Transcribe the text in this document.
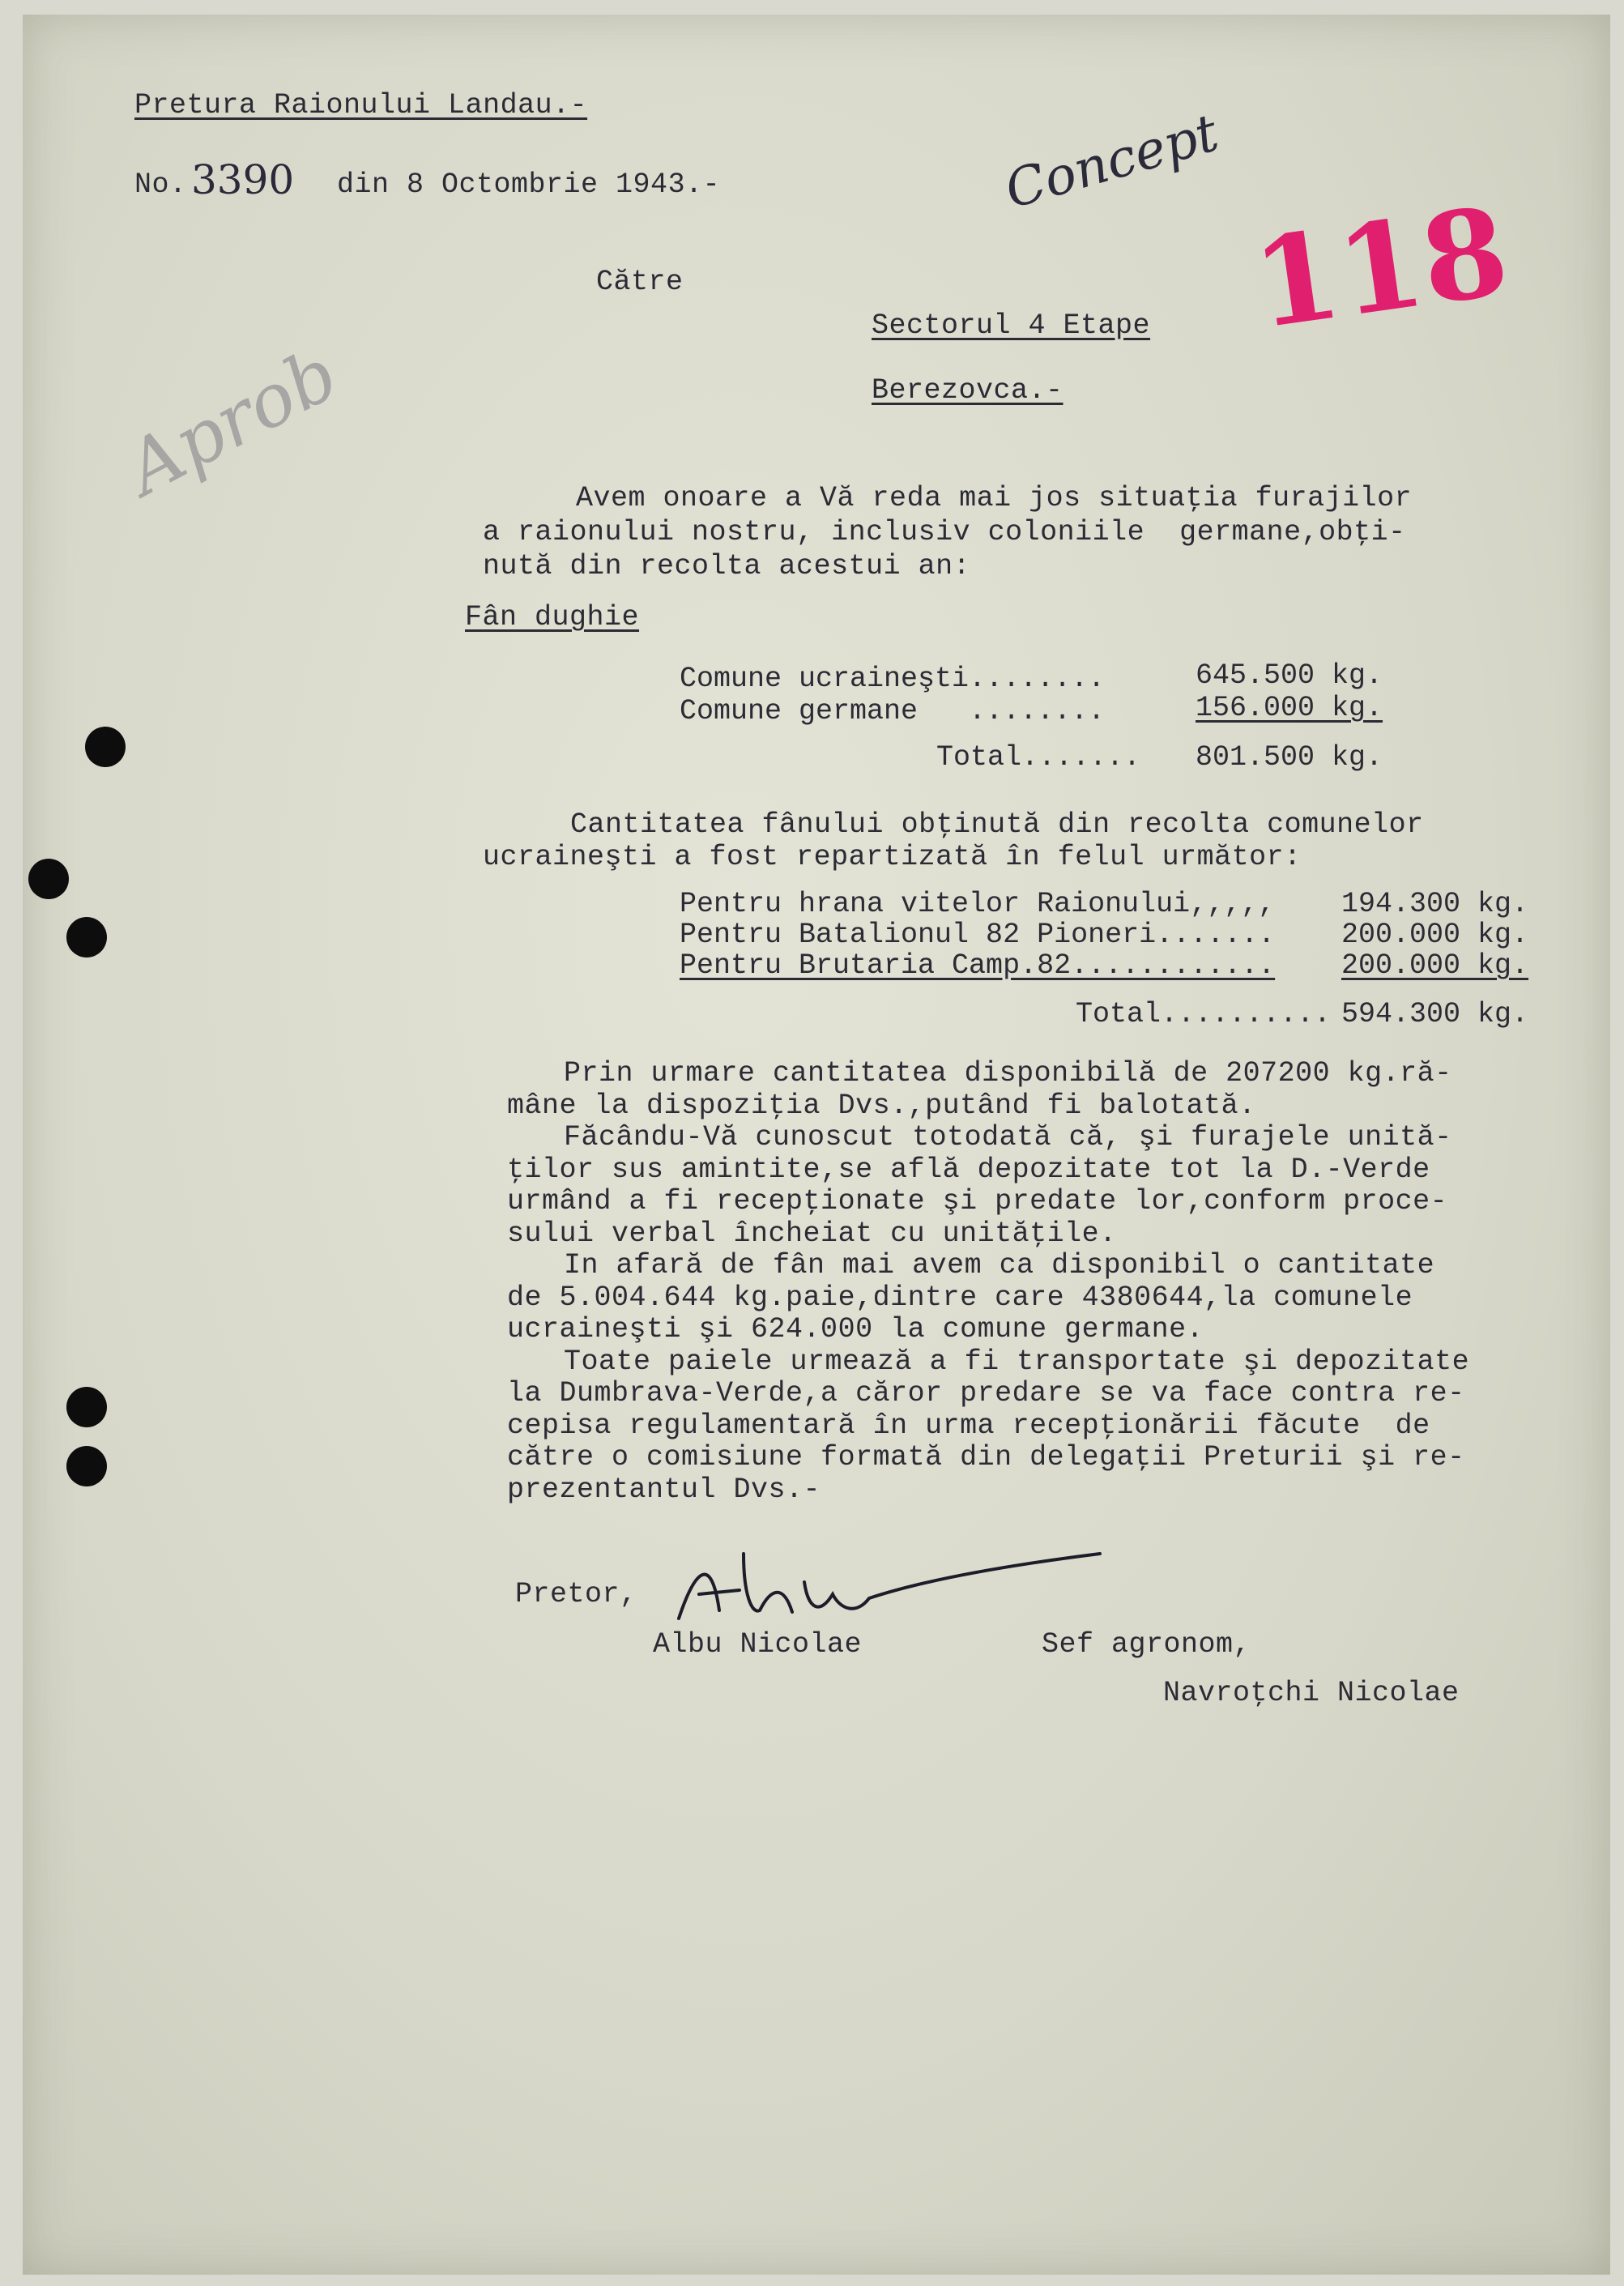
Pretura Raionului Landau.-
No. 3390 din 8 Octombrie 1943.-	Concept
118
Către
Sectorul 4 Etape
Berezovca.-
Aprob	Avem onoare a Vă reda mai jos situaţia furajilor
a raionului nostru, inclusiv coloniile  germane,obţi-
nută din recolta acestui an:
Fân dughie
Comune ucraineşti........	645.500 kg.
Comune germane   ........	156.000 kg.
Total....... 801.500 kg.
Cantitatea fânului obţinută din recolta comunelor
ucraineşti a fost repartizată în felul următor:
Pentru hrana vitelor Raionului,,,,, 194.300 kg.
Pentru Batalionul 82 Pioneri....... 200.000 kg.
Pentru Brutaria Camp.82............ 200.000 kg.
Total.......... 594.300 kg.
Prin urmare cantitatea disponibilă de 207200 kg.ră-
mâne la dispoziţia Dvs.,putând fi balotată.
Făcându-Vă cunoscut totodată că, şi furajele unită-
ţilor sus amintite,se află depozitate tot la D.-Verde
urmând a fi recepţionate şi predate lor,conform proce-
sului verbal încheiat cu unităţile.
In afară de fân mai avem ca disponibil o cantitate
de 5.004.644 kg.paie,dintre care 4380644,la comunele
ucraineşti şi 624.000 la comune germane.
Toate paiele urmează a fi transportate şi depozitate
la Dumbrava-Verde,a căror predare se va face contra re-
cepisa regulamentară în urma recepţionării făcute  de
către o comisiune formată din delegaţii Preturii şi re-
prezentantul Dvs.-
Pretor,
Albu Nicolae	Sef agronom,
Navroţchi Nicolae
